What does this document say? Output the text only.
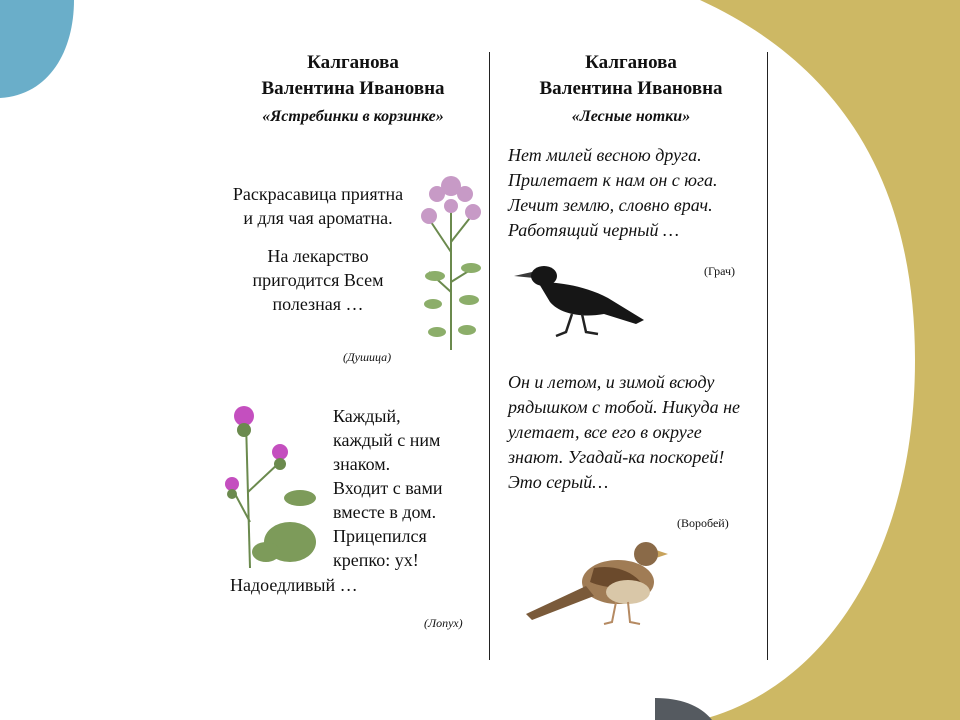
Калганова

Валентина Ивановна

«Ястребинки в корзинке»

Раскрасавица приятна и для чая ароматна.

На лекарство пригодится Всем полезная …

(Душица)

Каждый,

каждый с ним

знаком.

Входит с вами

вместе в дом.

Прицепился

крепко: ух!

Надоедливый …
(Лопух)

Калганова

Валентина Ивановна

«Лесные нотки»
Нет милей весною друга. Прилетает к нам он с юга. Лечит землю, словно врач. Работящий черный …
(Грач)
Он и летом, и зимой всюду рядышком с тобой. Никуда не улетает, все его в округе знают. Угадай-ка поскорей! Это серый…
(Воробей)
